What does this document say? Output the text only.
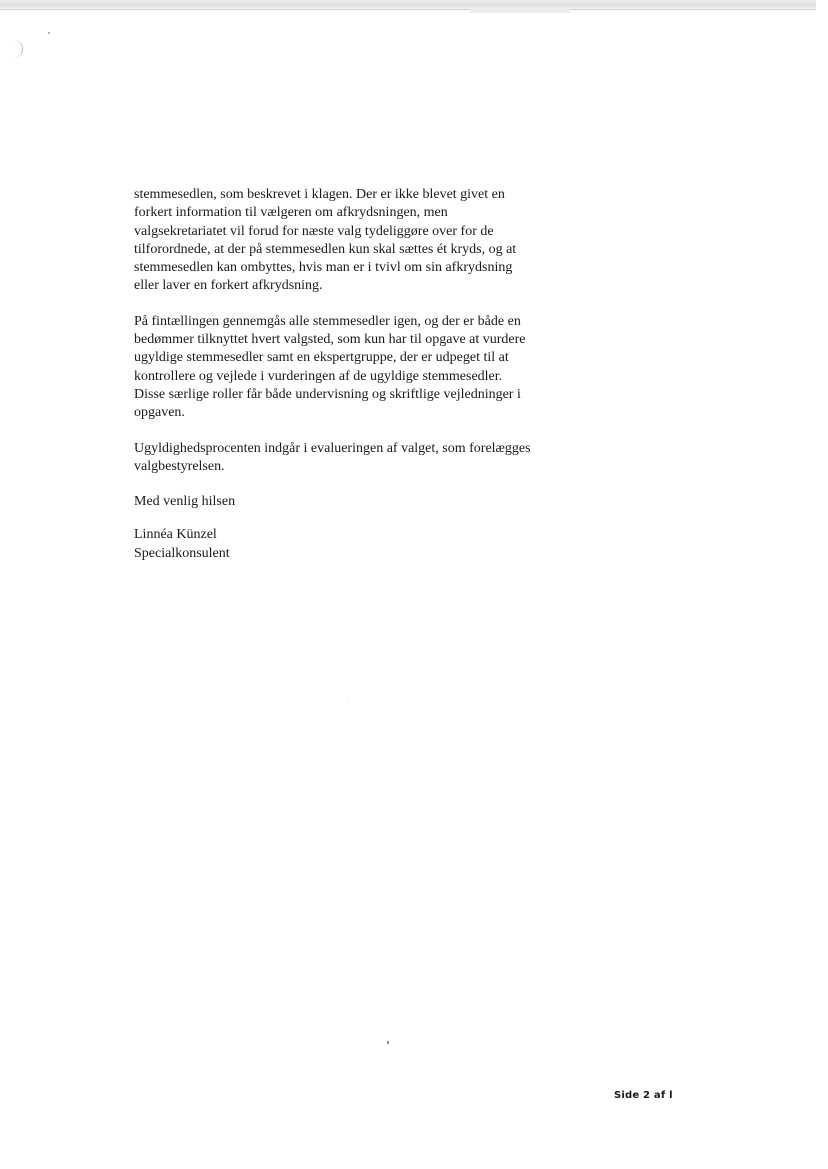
stemmesedlen, som beskrevet i klagen. Der er ikke blevet givet en
forkert information til vælgeren om afkrydsningen, men
valgsekretariatet vil forud for næste valg tydeliggøre over for de
tilforordnede, at der på stemmesedlen kun skal sættes ét kryds, og at
stemmesedlen kan ombyttes, hvis man er i tvivl om sin afkrydsning
eller laver en forkert afkrydsning.

På fintællingen gennemgås alle stemmesedler igen, og der er både en
bedømmer tilknyttet hvert valgsted, som kun har til opgave at vurdere
ugyldige stemmesedler samt en ekspertgruppe, der er udpeget til at
kontrollere og vejlede i vurderingen af de ugyldige stemmesedler.
Disse særlige roller får både undervisning og skriftlige vejledninger i
opgaven.

Ugyldighedsprocenten indgår i evalueringen af valget, som forelægges
valgbestyrelsen.

Med venlig hilsen

Linnéa Künzel

Specialkonsulent

Side 2 af l
